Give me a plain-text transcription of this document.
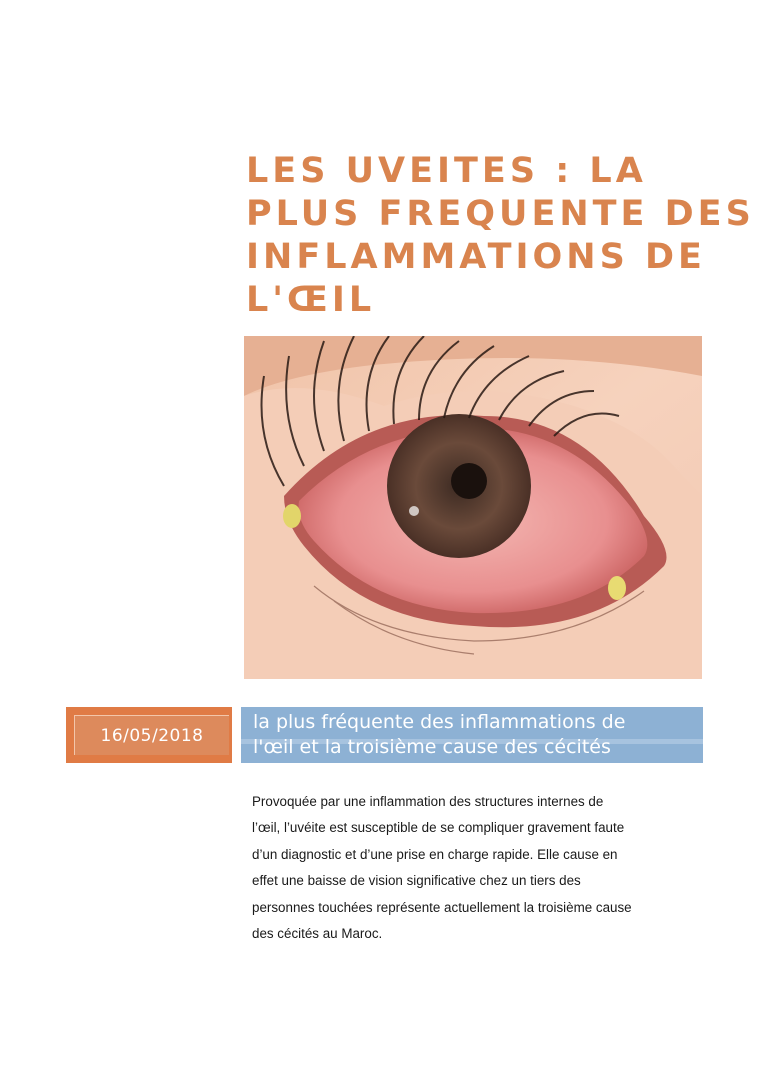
LES UVEITES : LA
PLUS FREQUENTE DES
INFLAMMATIONS DE
L'ŒIL
16/05/2018
la plus fréquente des inflammations de
l'œil et la troisième cause des cécités
Provoquée par une inflammation des structures internes de
l’œil, l’uvéite est susceptible de se compliquer gravement faute
d’un diagnostic et d’une prise en charge rapide. Elle cause en
effet une baisse de vision significative chez un tiers des
personnes touchées représente actuellement la troisième cause
des cécités au Maroc.
